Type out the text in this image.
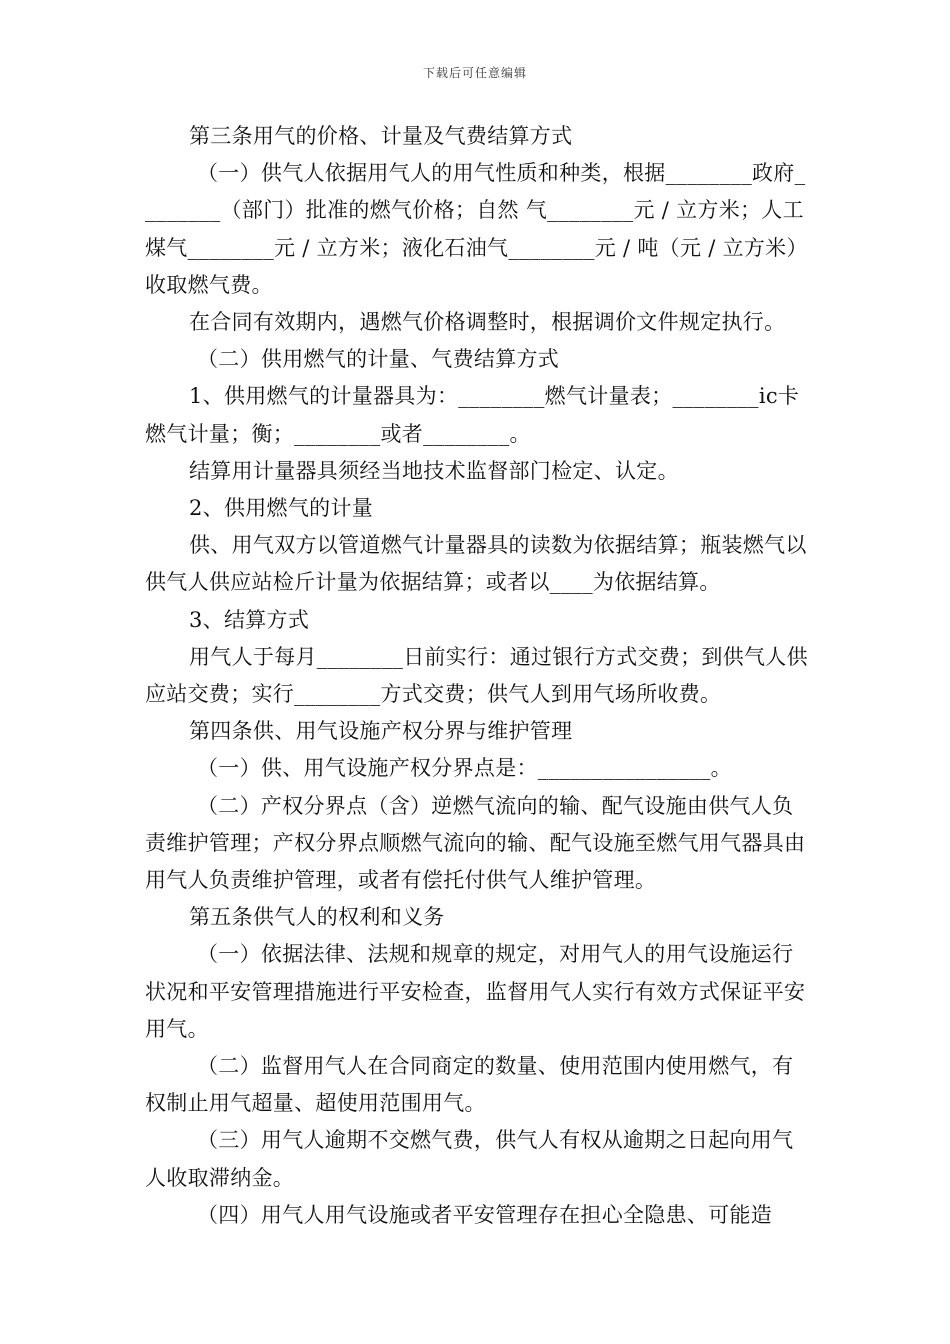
下载后可任意编辑

第三条用气的价格、计量及气费结算方式

（一）供气人依据用气人的用气性质和种类，根据________政府________（部门）批准的燃气价格；自然 气________元 / 立方米；人工煤气________元 / 立方米；液化石油气________元 / 吨（元 / 立方米）收取燃气费。

在合同有效期内，遇燃气价格调整时，根据调价文件规定执行。

（二）供用燃气的计量、气费结算方式

1、供用燃气的计量器具为：________燃气计量表；________ic卡燃气计量；衡；________或者________。

结算用计量器具须经当地技术监督部门检定、认定。

2、供用燃气的计量

供、用气双方以管道燃气计量器具的读数为依据结算；瓶装燃气以供气人供应站检斤计量为依据结算；或者以____为依据结算。

3、结算方式

用气人于每月________日前实行：通过银行方式交费；到供气人供应站交费；实行________方式交费；供气人到用气场所收费。

第四条供、用气设施产权分界与维护管理

（一）供、用气设施产权分界点是：________________。

（二）产权分界点（含）逆燃气流向的输、配气设施由供气人负责维护管理；产权分界点顺燃气流向的输、配气设施至燃气用气器具由用气人负责维护管理，或者有偿托付供气人维护管理。

第五条供气人的权利和义务

（一）依据法律、法规和规章的规定，对用气人的用气设施运行状况和平安管理措施进行平安检查，监督用气人实行有效方式保证平安用气。

（二）监督用气人在合同商定的数量、使用范围内使用燃气，有权制止用气超量、超使用范围用气。

（三）用气人逾期不交燃气费，供气人有权从逾期之日起向用气人收取滞纳金。

（四）用气人用气设施或者平安管理存在担心全隐患、可能造
